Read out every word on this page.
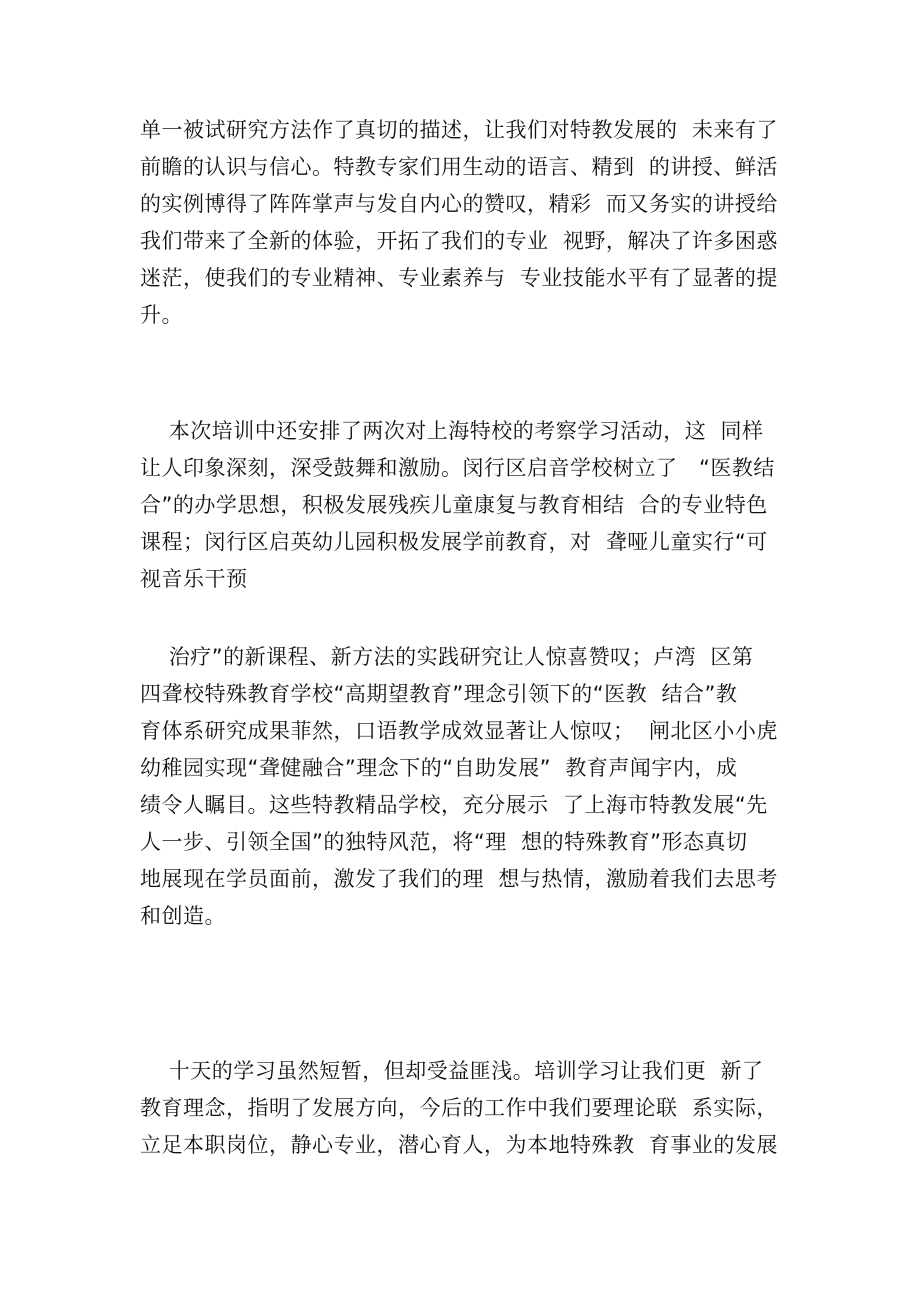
单一被试研究方法作了真切的描述，让我们对特教发展的  未来有了
前瞻的认识与信心。特教专家们用生动的语言、精到  的讲授、鲜活
的实例博得了阵阵掌声与发自内心的赞叹，精彩  而又务实的讲授给
我们带来了全新的体验，开拓了我们的专业  视野，解决了许多困惑
迷茫，使我们的专业精神、专业素养与  专业技能水平有了显著的提
升。
本次培训中还安排了两次对上海特校的考察学习活动，这  同样
让人印象深刻，深受鼓舞和激励。闵行区启音学校树立了   “医教结
合”的办学思想，积极发展残疾儿童康复与教育相结  合的专业特色
课程；闵行区启英幼儿园积极发展学前教育，对  聋哑儿童实行“可
视音乐干预
治疗”的新课程、新方法的实践研究让人惊喜赞叹；卢湾  区第
四聋校特殊教育学校“高期望教育”理念引领下的“医教  结合”教
育体系研究成果菲然，口语教学成效显著让人惊叹；  闸北区小小虎
幼稚园实现“聋健融合”理念下的“自助发展”  教育声闻宇内，成
绩令人瞩目。这些特教精品学校，充分展示  了上海市特教发展“先
人一步、引领全国”的独特风范，将“理  想的特殊教育”形态真切
地展现在学员面前，激发了我们的理  想与热情，激励着我们去思考
和创造。
十天的学习虽然短暂，但却受益匪浅。培训学习让我们更  新了
教育理念，指明了发展方向，今后的工作中我们要理论联  系实际，
立足本职岗位，静心专业，潜心育人，为本地特殊教  育事业的发展
